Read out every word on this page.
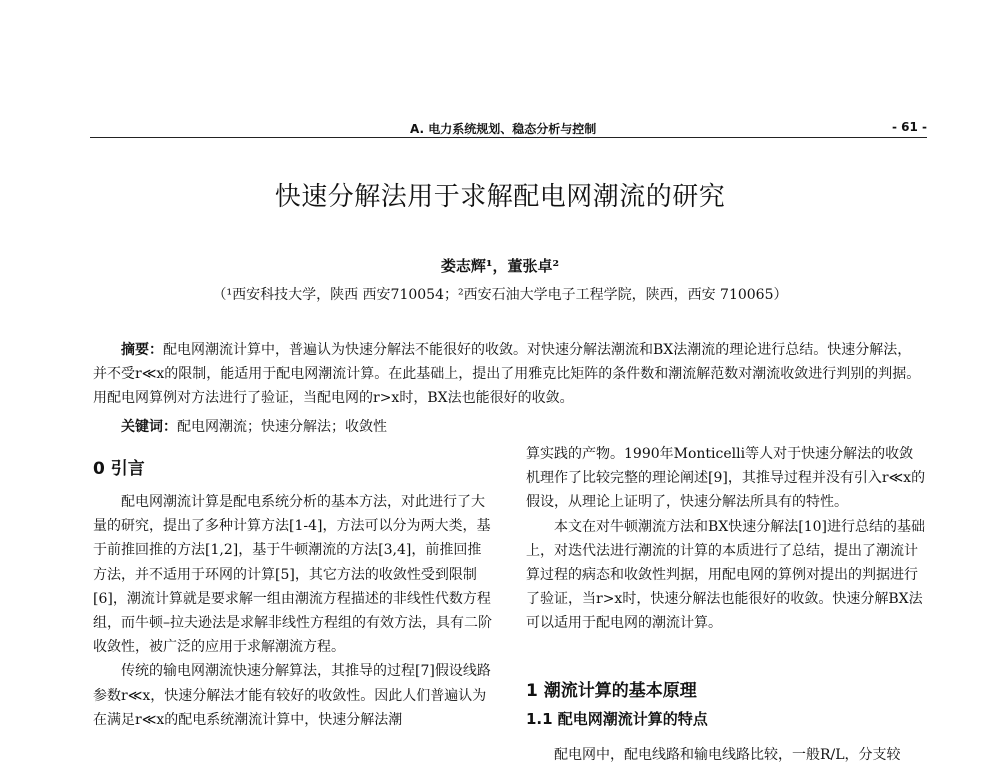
A. 电力系统规划、稳态分析与控制	- 61 -
快速分解法用于求解配电网潮流的研究
娄志辉¹，董张卓²
（¹西安科技大学，陕西 西安710054；²西安石油大学电子工程学院，陕西，西安 710065）
摘要：配电网潮流计算中，普遍认为快速分解法不能很好的收敛。对快速分解法潮流和BX法潮流的理论进行总结。快速分解法，并不受r≪x的限制，能适用于配电网潮流计算。在此基础上，提出了用雅克比矩阵的条件数和潮流解范数对潮流收敛进行判别的判据。用配电网算例对方法进行了验证，当配电网的r>x时，BX法也能很好的收敛。
关键词：配电网潮流；快速分解法；收敛性
0 引言

配电网潮流计算是配电系统分析的基本方法，对此进行了大量的研究，提出了多种计算方法[1-4]，方法可以分为两大类，基于前推回推的方法[1,2]，基于牛顿潮流的方法[3,4]，前推回推方法，并不适用于环网的计算[5]，其它方法的收敛性受到限制[6]，潮流计算就是要求解一组由潮流方程描述的非线性代数方程组，而牛顿–拉夫逊法是求解非线性方程组的有效方法，具有二阶收敛性，被广泛的应用于求解潮流方程。

传统的输电网潮流快速分解算法，其推导的过程[7]假设线路参数r≪x，快速分解法才能有较好的收敛性。因此人们普遍认为在满足r≪x的配电系统潮流计算中，快速分解法潮

算实践的产物。1990年Monticelli等人对于快速分解法的收敛机理作了比较完整的理论阐述[9]，其推导过程并没有引入r≪x的假设，从理论上证明了，快速分解法所具有的特性。

本文在对牛顿潮流方法和BX快速分解法[10]进行总结的基础上，对迭代法进行潮流的计算的本质进行了总结，提出了潮流计算过程的病态和收敛性判据，用配电网的算例对提出的判据进行了验证，当r>x时，快速分解法也能很好的收敛。快速分解BX法可以适用于配电网的潮流计算。

1 潮流计算的基本原理
1.1 配电网潮流计算的特点
配电网中，配电线路和输电线路比较，一般R/L，分支较
